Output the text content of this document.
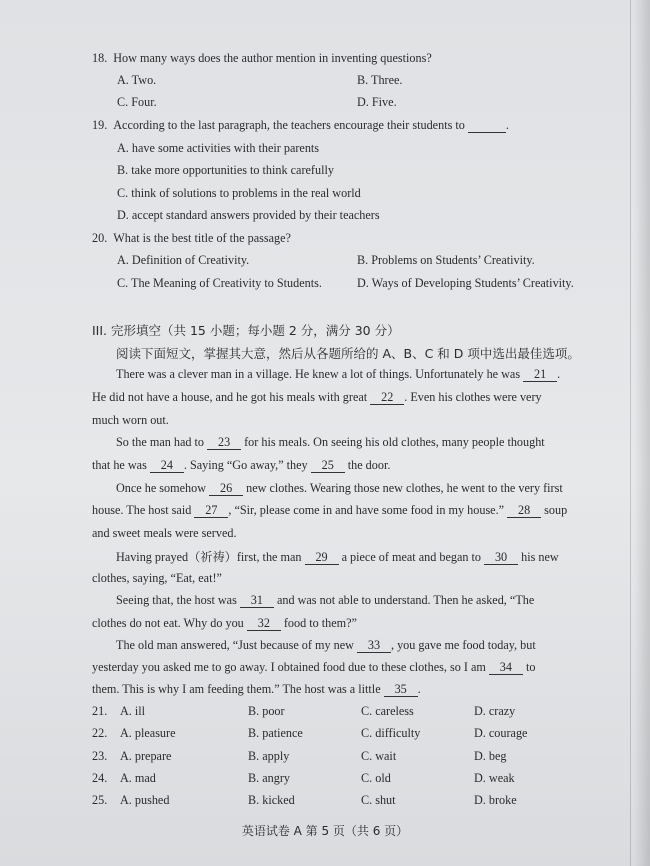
18. How many ways does the author mention in inventing questions?
A. Two.	B. Three.
C. Four.	D. Five.
19. According to the last paragraph, the teachers encourage their students to	.
A. have some activities with their parents
B. take more opportunities to think carefully
C. think of solutions to problems in the real world
D. accept standard answers provided by their teachers
20. What is the best title of the passage?
A. Definition of Creativity.	B. Problems on Students’ Creativity.
C. The Meaning of Creativity to Students.	D. Ways of Developing Students’ Creativity.
III. 完形填空（共 15 小题；每小题 2 分，满分 30 分）
阅读下面短文，掌握其大意，然后从各题所给的 A、B、C 和 D 项中选出最佳选项。
There was a clever man in a village. He knew a lot of things. Unfortunately he was 21 .
He did not have a house, and he got his meals with great 22 . Even his clothes were very
much worn out.
So the man had to 23 for his meals. On seeing his old clothes, many people thought
that he was 24 . Saying “Go away,” they 25 the door.
Once he somehow 26 new clothes. Wearing those new clothes, he went to the very first
house. The host said 27 , “Sir, please come in and have some food in my house.” 28 soup
and sweet meals were served.
Having prayed（祈祷）first, the man 29 a piece of meat and began to 30 his new
clothes, saying, “Eat, eat!”
Seeing that, the host was 31 and was not able to understand. Then he asked, “The
clothes do not eat. Why do you 32 food to them?”
The old man answered, “Just because of my new 33 , you gave me food today, but
yesterday you asked me to go away. I obtained food due to these clothes, so I am 34 to
them. This is why I am feeding them.” The host was a little 35 .
21. A. ill	B. poor	C. careless	D. crazy
22. A. pleasure	B. patience	C. difficulty	D. courage
23. A. prepare	B. apply	C. wait	D. beg
24. A. mad	B. angry	C. old	D. weak
25. A. pushed	B. kicked	C. shut	D. broke
英语试卷 A 第 5 页（共 6 页）
